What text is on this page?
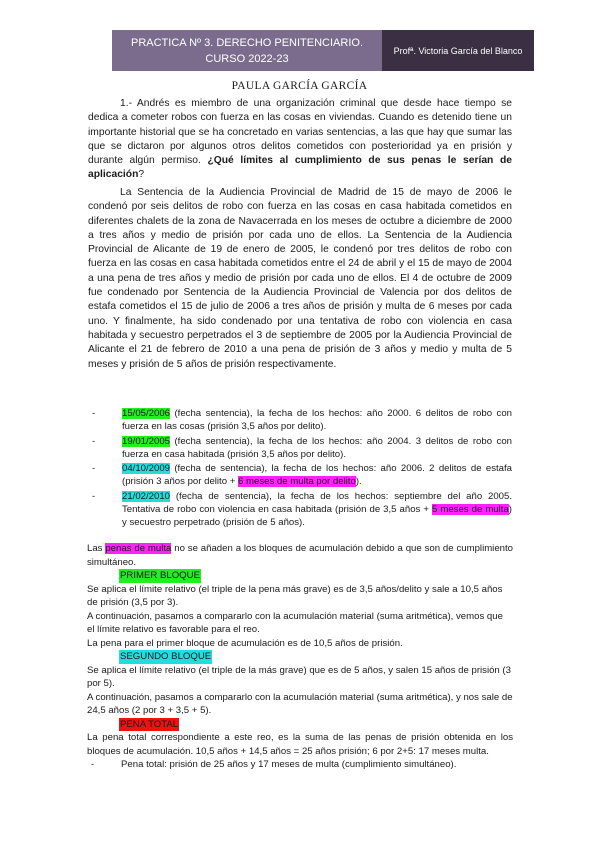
PRACTICA Nº 3. DERECHO PENITENCIARIO.
CURSO 2022-23
Profª. Victoria García del Blanco
PAULA GARCÍA GARCÍA
1.- Andrés es miembro de una organización criminal que desde hace tiempo se dedica a cometer robos con fuerza en las cosas en viviendas. Cuando es detenido tiene un importante historial que se ha concretado en varias sentencias, a las que hay que sumar las que se dictaron por algunos otros delitos cometidos con posterioridad ya en prisión y durante algún permiso. ¿Qué límites al cumplimiento de sus penas le serían de aplicación?
La Sentencia de la Audiencia Provincial de Madrid de 15 de mayo de 2006 le condenó por seis delitos de robo con fuerza en las cosas en casa habitada cometidos en diferentes chalets de la zona de Navacerrada en los meses de octubre a diciembre de 2000 a tres años y medio de prisión por cada uno de ellos. La Sentencia de la Audiencia Provincial de Alicante de 19 de enero de 2005, le condenó por tres delitos de robo con fuerza en las cosas en casa habitada cometidos entre el 24 de abril y el 15 de mayo de 2004 a una pena de tres años y medio de prisión por cada uno de ellos. El 4 de octubre de 2009 fue condenado por Sentencia de la Audiencia Provincial de Valencia por dos delitos de estafa cometidos el 15 de julio de 2006 a tres años de prisión y multa de 6 meses por cada uno. Y finalmente, ha sido condenado por una tentativa de robo con violencia en casa habitada y secuestro perpetrados el 3 de septiembre de 2005 por la Audiencia Provincial de Alicante el 21 de febrero de 2010 a una pena de prisión de 3 años y medio y multa de 5 meses y prisión de 5 años de prisión respectivamente.
-	15/05/2006 (fecha sentencia), la fecha de los hechos: año 2000. 6 delitos de robo con fuerza en las cosas (prisión 3,5 años por delito).
-	19/01/2005 (fecha sentencia), la fecha de los hechos: año 2004. 3 delitos de robo con fuerza en casa habitada (prisión 3,5 años por delito).
-	04/10/2009 (fecha de sentencia), la fecha de los hechos: año 2006. 2 delitos de estafa (prisión 3 años por delito + 6 meses de multa por delito).
-	21/02/2010 (fecha de sentencia), la fecha de los hechos: septiembre del año 2005. Tentativa de robo con violencia en casa habitada (prisión de 3,5 años + 5 meses de multa) y secuestro perpetrado (prisión de 5 años).
Las penas de multa no se añaden a los bloques de acumulación debido a que son de cumplimiento simultáneo.
PRIMER BLOQUE
Se aplica el límite relativo (el triple de la pena más grave) es de 3,5 años/delito y sale a 10,5 años de prisión (3,5 por 3).
A continuación, pasamos a compararlo con la acumulación material (suma aritmética), vemos que el límite relativo es favorable para el reo.
La pena para el primer bloque de acumulación es de 10,5 años de prisión.
SEGUNDO BLOQUE
Se aplica el límite relativo (el triple de la más grave) que es de 5 años, y salen 15 años de prisión (3 por 5).
A continuación, pasamos a compararlo con la acumulación material (suma aritmética), y nos sale de 24,5 años (2 por 3 + 3,5 + 5).
PENA TOTAL
La pena total correspondiente a este reo, es la suma de las penas de prisión obtenida en los bloques de acumulación. 10,5 años + 14,5 años = 25 años prisión; 6 por 2+5: 17 meses multa.
-	Pena total: prisión de 25 años y 17 meses de multa (cumplimiento simultáneo).
